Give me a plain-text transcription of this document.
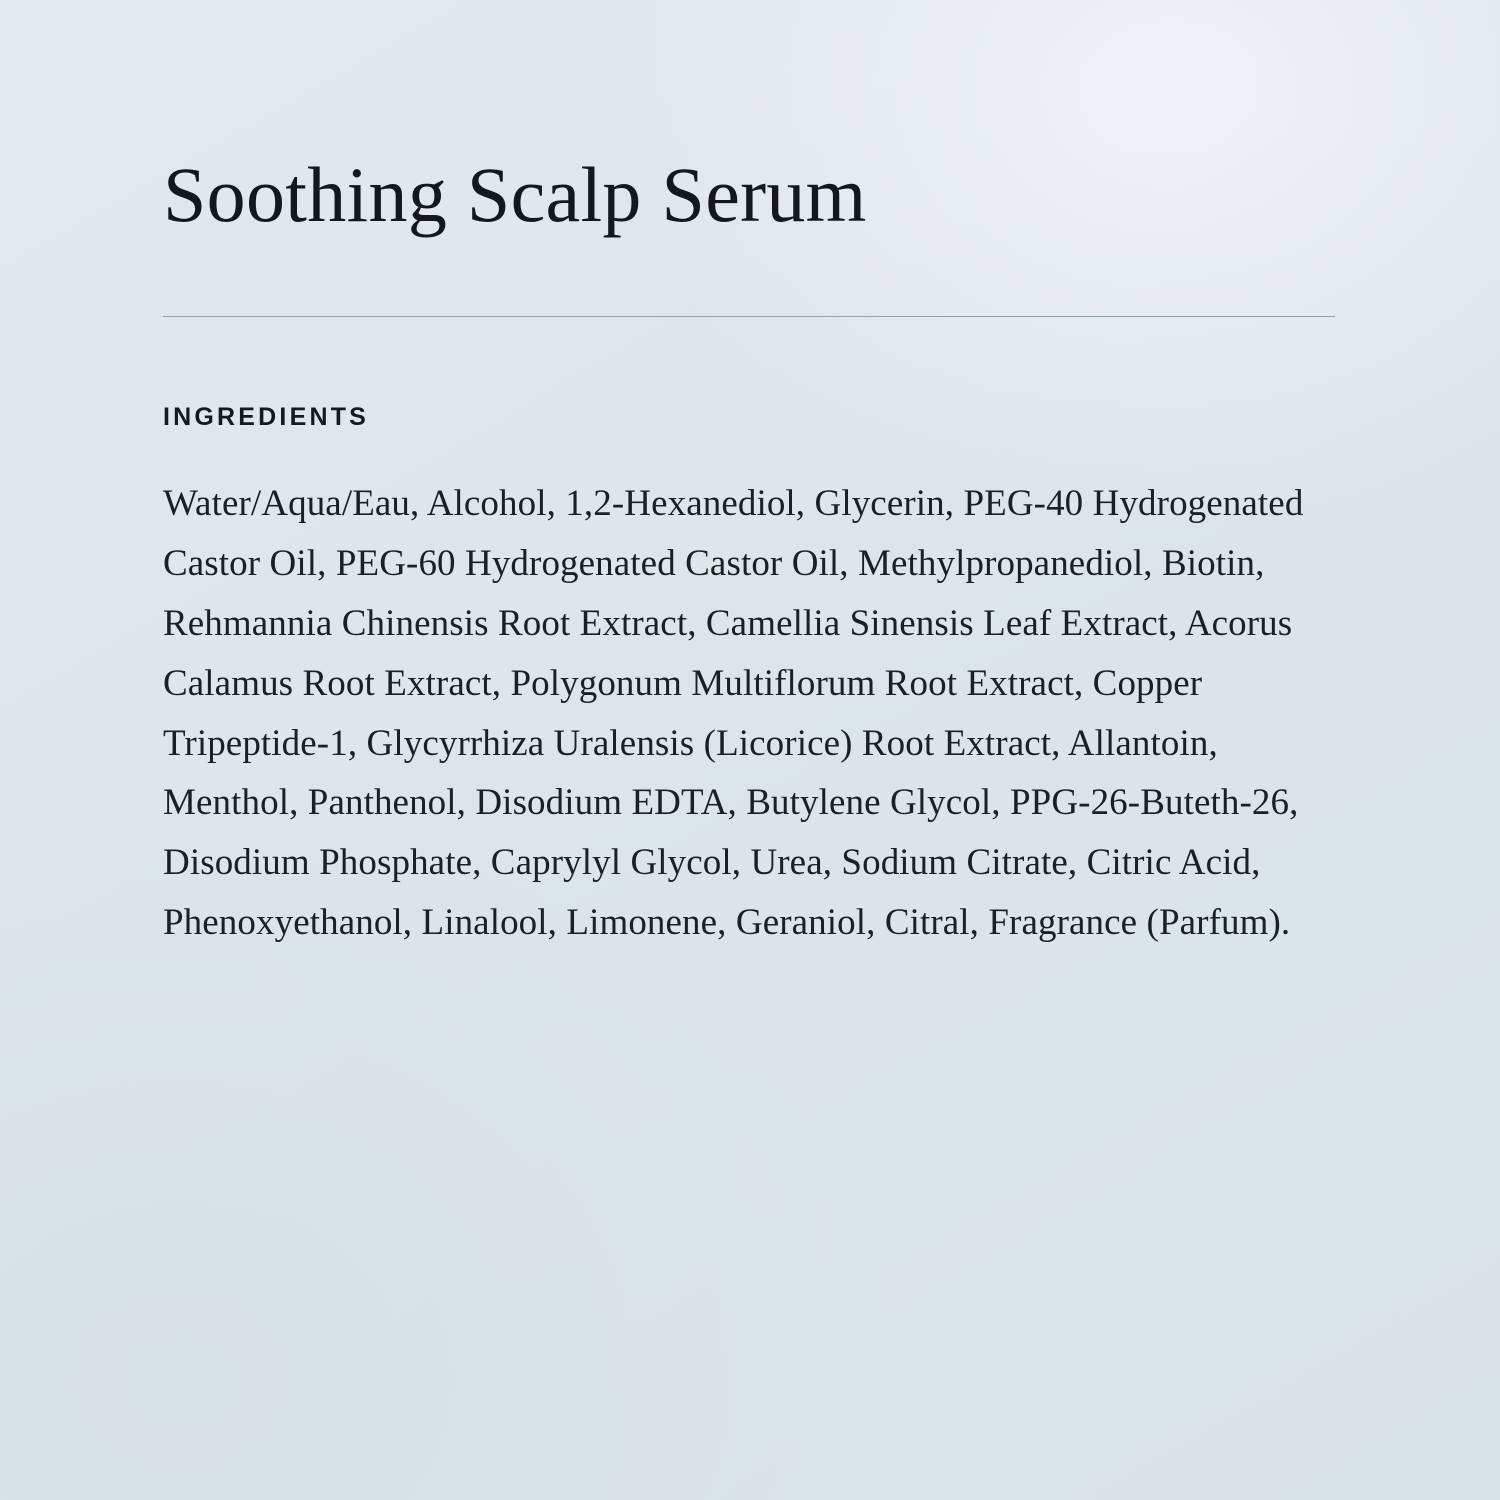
Soothing Scalp Serum
INGREDIENTS

Water/Aqua/Eau, Alcohol, 1,2-Hexanediol, Glycerin, PEG-40 Hydrogenated Castor Oil, PEG-60 Hydrogenated Castor Oil, Methylpropanediol, Biotin, Rehmannia Chinensis Root Extract, Camellia Sinensis Leaf Extract, Acorus Calamus Root Extract, Polygonum Multiflorum Root Extract, Copper Tripeptide-1, Glycyrrhiza Uralensis (Licorice) Root Extract, Allantoin, Menthol, Panthenol, Disodium EDTA, Butylene Glycol, PPG-26-Buteth-26, Disodium Phosphate, Caprylyl Glycol, Urea, Sodium Citrate, Citric Acid, Phenoxyethanol, Linalool, Limonene, Geraniol, Citral, Fragrance (Parfum).
